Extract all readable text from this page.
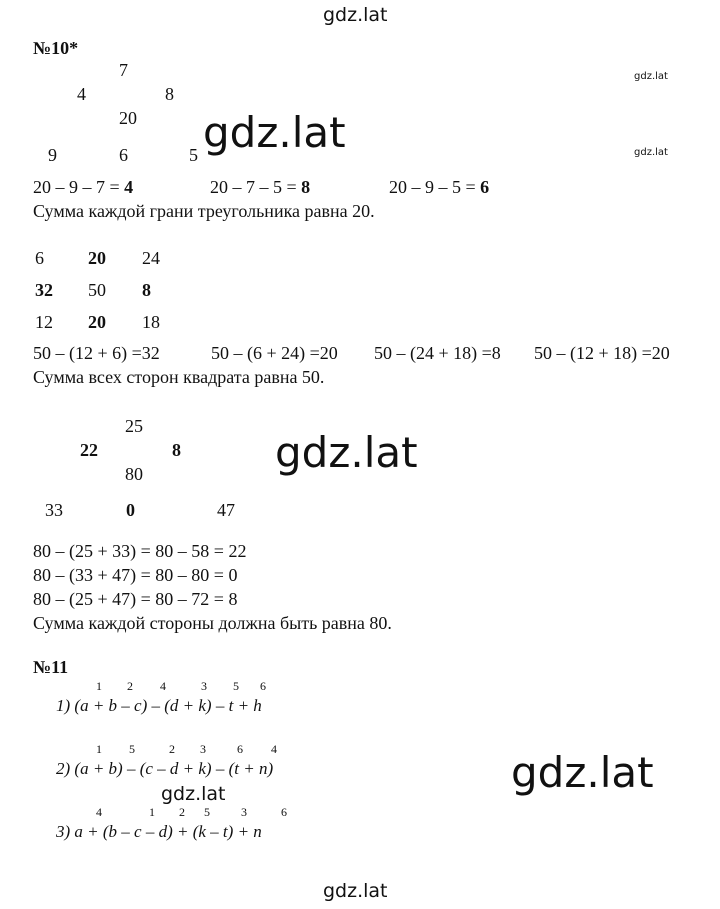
gdz.lat
gdz.lat
gdz.lat
gdz.lat
gdz.lat
gdz.lat
gdz.lat
gdz.lat
№10*
7
4	8
20
9	6	5
20 – 9 – 7 = 4	20 – 7 – 5 = 8	20 – 9 – 5 = 6
Сумма каждой грани треугольника равна 20.
6 20 24
32 50 8
12 20 18
50 – (12 + 6) =32	50 – (6 + 24) =20 50 – (24 + 18) =8 50 – (12 + 18) =20
Сумма всех сторон квадрата равна 50.
25
22	8
80
33	0	47
80 – (25 + 33) = 80 – 58 = 22
80 – (33 + 47) = 80 – 80 = 0
80 – (25 + 47) = 80 – 72 = 8
Сумма каждой стороны должна быть равна 80.
№11
1 2 4	3 5 6
1) (a + b – c) – (d + k) – t + h
1 5	2 3	6 4
2) (a + b) – (c – d + k) – (t + n)
4	1 2 5	3	6
3) a + (b – c – d) + (k – t) + n
